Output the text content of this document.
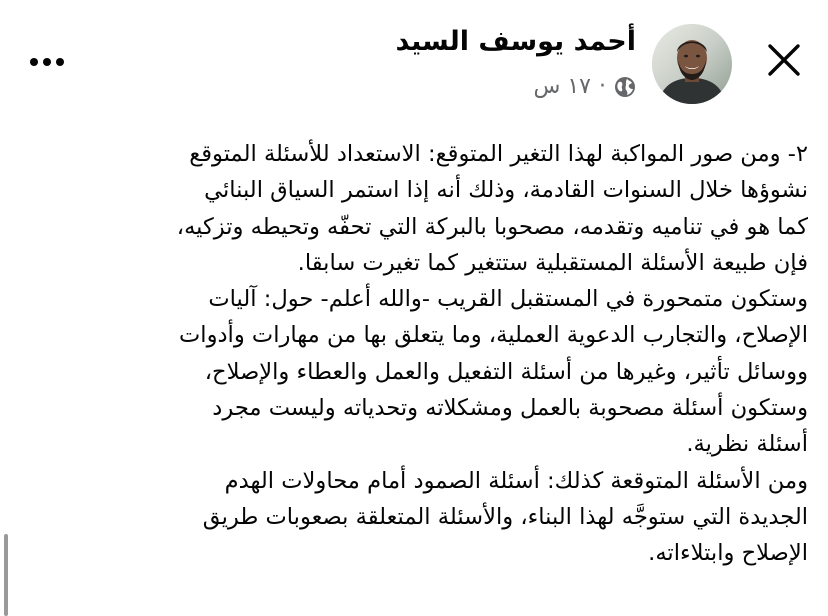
أحمد يوسف السيد
١٧ س ·
٢- ومن صور المواكبة لهذا التغير المتوقع: الاستعداد للأسئلة المتوقع
نشوؤها خلال السنوات القادمة، وذلك أنه إذا استمر السياق البنائي
كما هو في تناميه وتقدمه، مصحوبا بالبركة التي تحفّه وتحيطه وتزكيه،
فإن طبيعة الأسئلة المستقبلية ستتغير كما تغيرت سابقا.
وستكون متمحورة في المستقبل القريب -والله أعلم- حول: آليات
الإصلاح، والتجارب الدعوية العملية، وما يتعلق بها من مهارات وأدوات
ووسائل تأثير، وغيرها من أسئلة التفعيل والعمل والعطاء والإصلاح،
وستكون أسئلة مصحوبة بالعمل ومشكلاته وتحدياته وليست مجرد
أسئلة نظرية.
ومن الأسئلة المتوقعة كذلك: أسئلة الصمود أمام محاولات الهدم
الجديدة التي ستوجَّه لهذا البناء، والأسئلة المتعلقة بصعوبات طريق
الإصلاح وابتلاءاته.
